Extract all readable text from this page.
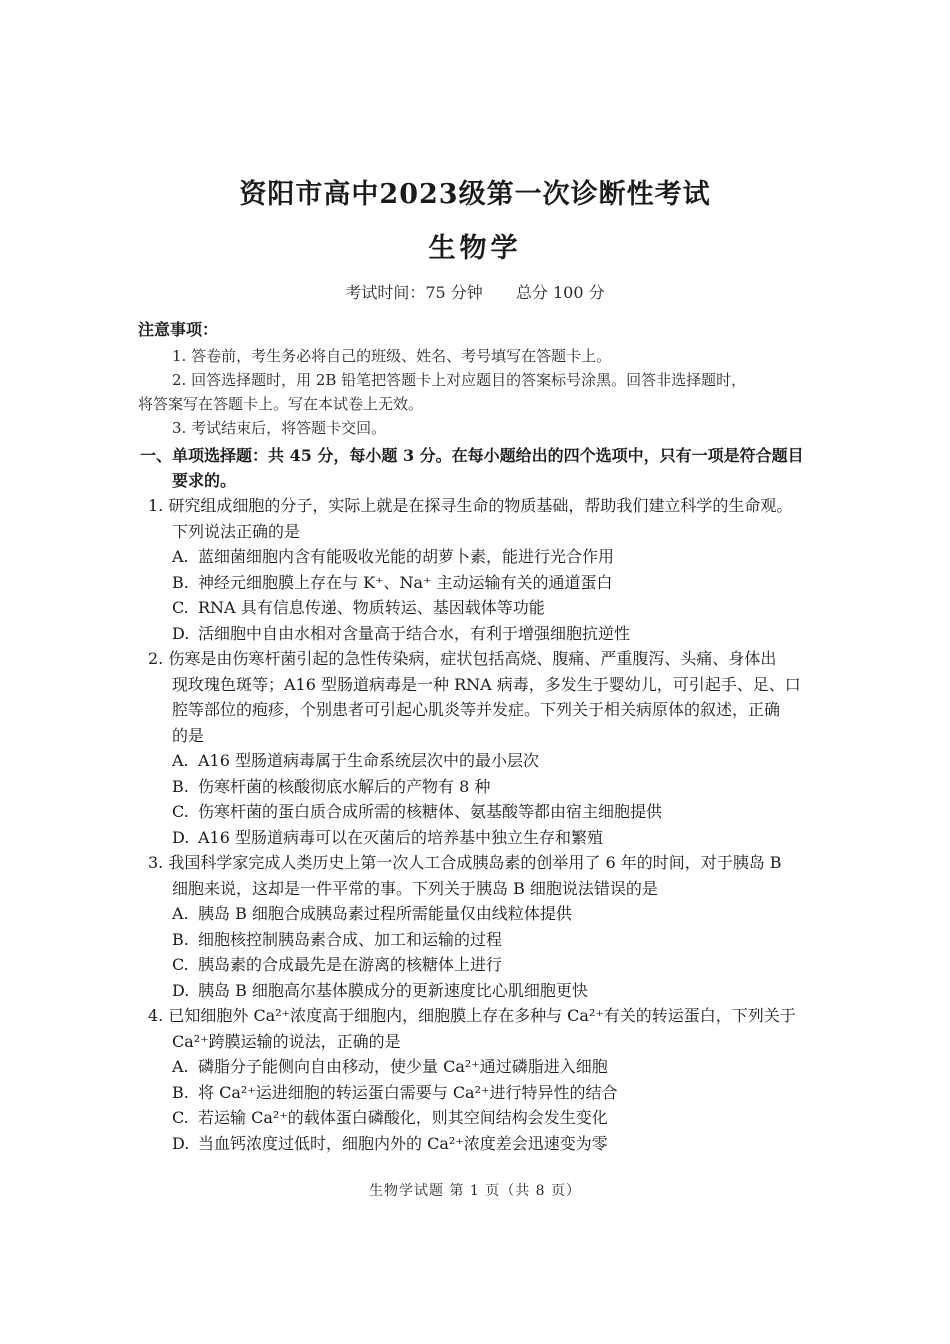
资阳市高中2023级第一次诊断性考试
生物学
考试时间：75 分钟 总分 100 分
注意事项：
1. 答卷前，考生务必将自己的班级、姓名、考号填写在答题卡上。
2. 回答选择题时，用 2B 铅笔把答题卡上对应题目的答案标号涂黑。回答非选择题时，
将答案写在答题卡上。写在本试卷上无效。
3. 考试结束后，将答题卡交回。
一、单项选择题：共 45 分，每小题 3 分。在每小题给出的四个选项中，只有一项是符合题目
要求的。
1. 研究组成细胞的分子，实际上就是在探寻生命的物质基础，帮助我们建立科学的生命观。
下列说法正确的是
A. 蓝细菌细胞内含有能吸收光能的胡萝卜素，能进行光合作用
B. 神经元细胞膜上存在与 K⁺、Na⁺ 主动运输有关的通道蛋白
C. RNA 具有信息传递、物质转运、基因载体等功能
D. 活细胞中自由水相对含量高于结合水，有利于增强细胞抗逆性
2. 伤寒是由伤寒杆菌引起的急性传染病，症状包括高烧、腹痛、严重腹泻、头痛、身体出
现玫瑰色斑等；A16 型肠道病毒是一种 RNA 病毒，多发生于婴幼儿，可引起手、足、口
腔等部位的疱疹，个别患者可引起心肌炎等并发症。下列关于相关病原体的叙述，正确
的是
A. A16 型肠道病毒属于生命系统层次中的最小层次
B. 伤寒杆菌的核酸彻底水解后的产物有 8 种
C. 伤寒杆菌的蛋白质合成所需的核糖体、氨基酸等都由宿主细胞提供
D. A16 型肠道病毒可以在灭菌后的培养基中独立生存和繁殖
3. 我国科学家完成人类历史上第一次人工合成胰岛素的创举用了 6 年的时间，对于胰岛 B
细胞来说，这却是一件平常的事。下列关于胰岛 B 细胞说法错误的是
A. 胰岛 B 细胞合成胰岛素过程所需能量仅由线粒体提供
B. 细胞核控制胰岛素合成、加工和运输的过程
C. 胰岛素的合成最先是在游离的核糖体上进行
D. 胰岛 B 细胞高尔基体膜成分的更新速度比心肌细胞更快
4. 已知细胞外 Ca²⁺浓度高于细胞内，细胞膜上存在多种与 Ca²⁺有关的转运蛋白，下列关于
Ca²⁺跨膜运输的说法，正确的是
A. 磷脂分子能侧向自由移动，使少量 Ca²⁺通过磷脂进入细胞
B. 将 Ca²⁺运进细胞的转运蛋白需要与 Ca²⁺进行特异性的结合
C. 若运输 Ca²⁺的载体蛋白磷酸化，则其空间结构会发生变化
D. 当血钙浓度过低时，细胞内外的 Ca²⁺浓度差会迅速变为零
生物学试题 第 1 页（共 8 页）
